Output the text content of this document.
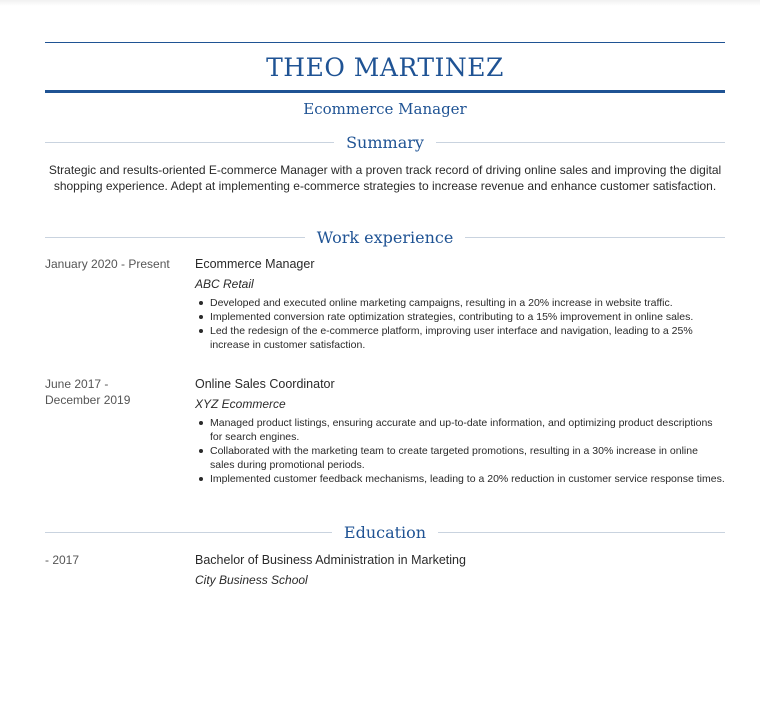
THEO MARTINEZ
Ecommerce Manager
Summary
Strategic and results-oriented E-commerce Manager with a proven track record of driving online sales and improving the digital shopping experience. Adept at implementing e-commerce strategies to increase revenue and enhance customer satisfaction.
Work experience
January 2020 - Present	Ecommerce Manager
ABC Retail
Developed and executed online marketing campaigns, resulting in a 20% increase in website traffic.
Implemented conversion rate optimization strategies, contributing to a 15% improvement in online sales.
Led the redesign of the e-commerce platform, improving user interface and navigation, leading to a 25% increase in customer satisfaction.
June 2017 - December 2019
Online Sales Coordinator
XYZ Ecommerce
Managed product listings, ensuring accurate and up-to-date information, and optimizing product descriptions for search engines.
Collaborated with the marketing team to create targeted promotions, resulting in a 30% increase in online sales during promotional periods.
Implemented customer feedback mechanisms, leading to a 20% reduction in customer service response times.
Education
- 2017	Bachelor of Business Administration in Marketing
City Business School
